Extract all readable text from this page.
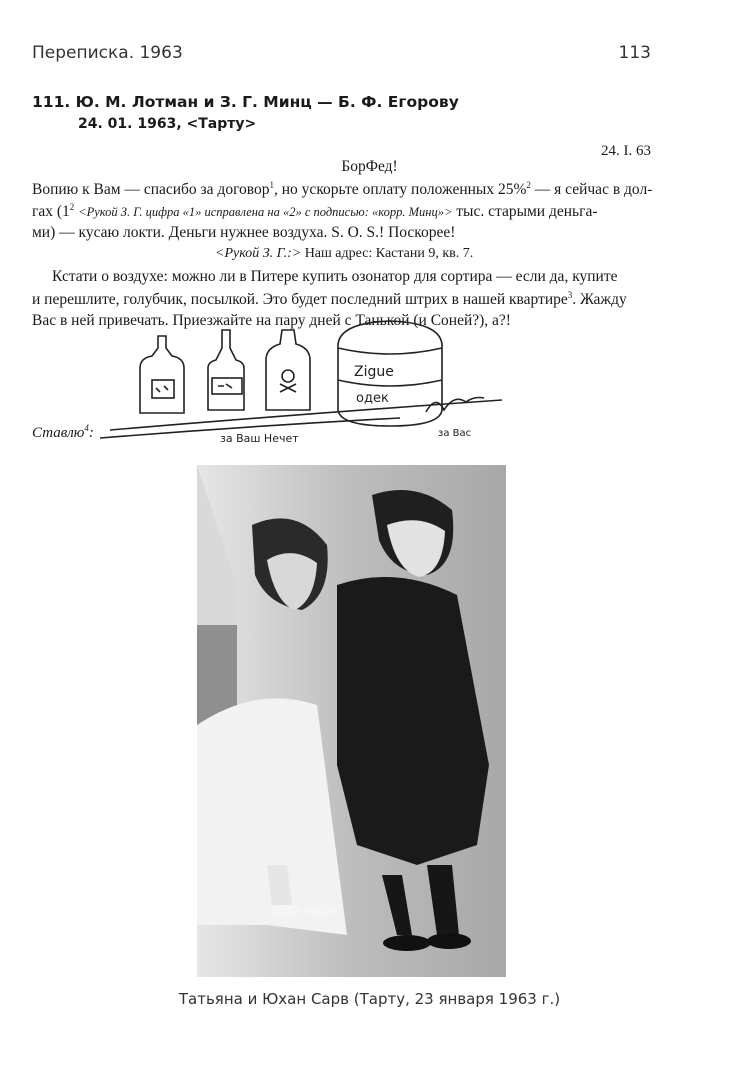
Переписка. 1963	113
111. Ю. М. Лотман и З. Г. Минц — Б. Ф. Егорову
24. 01. 1963, <Тарту>
24. I. 63
БорФед!
Вопию к Вам — спасибо за договор$^1$, но ускорьте оплату положенных 25%$^2$ — я сейчас в дол-
гах ($1^2$ <Рукой З. Г. цифра «1» исправлена на «2» с подписью: «корр. Минц»> тыс. старыми деньга-
ми) — кусаю локти. Деньги нужнее воздуха. S. O. S.! Поскорее!
<Рукой З. Г.:> Наш адрес: Кастани 9, кв. 7.
Кстати о воздухе: можно ли в Питере купить озонатор для сортира — если да, купите
и перешлите, голубчик, посылкой. Это будет последний штрих в нашей квартире$^3$. Жажду
Вас в ней привечать. Приезжайте на пару дней с Танькой (и Соней?), а?!
Zigue
одек
за Ваш Нечет	за Вас
Ставлю$^4$:
Татьяна и Юхан Сарв (Тарту, 23 января 1963 г.)
